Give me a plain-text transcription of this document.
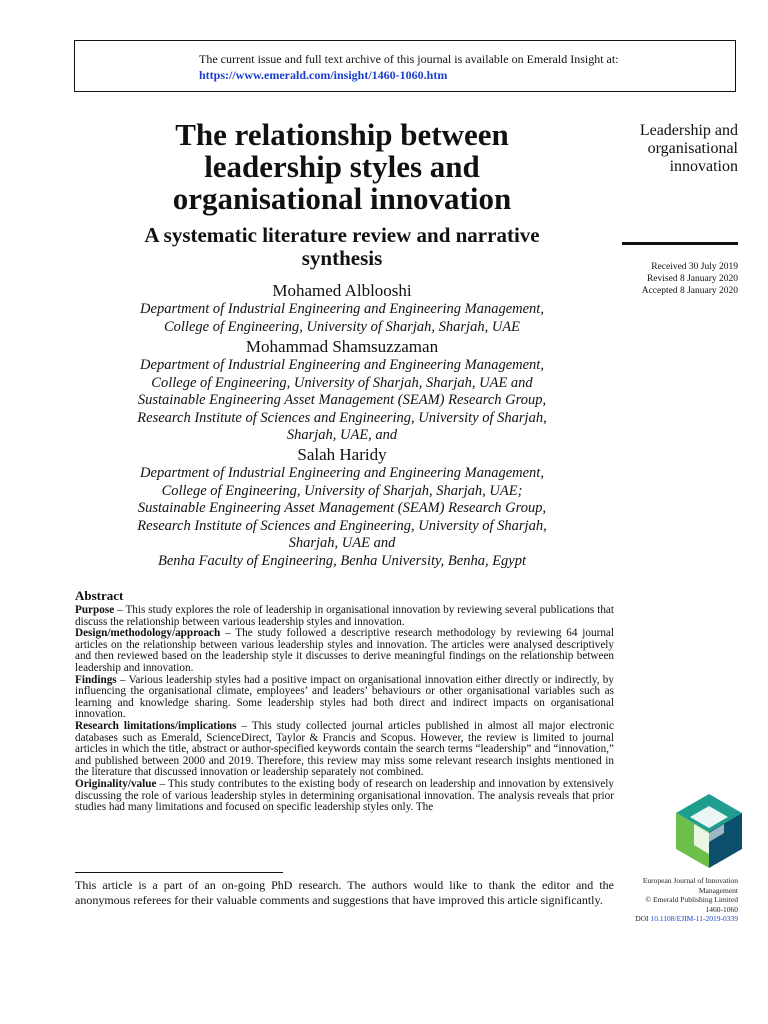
The current issue and full text archive of this journal is available on Emerald Insight at:
https://www.emerald.com/insight/1460-1060.htm
The relationship between
leadership styles and
organisational innovation
A systematic literature review and narrative
synthesis
Mohamed Alblooshi
Department of Industrial Engineering and Engineering Management,
College of Engineering, University of Sharjah, Sharjah, UAE
Mohammad Shamsuzzaman
Department of Industrial Engineering and Engineering Management,
College of Engineering, University of Sharjah, Sharjah, UAE and
Sustainable Engineering Asset Management (SEAM) Research Group,
Research Institute of Sciences and Engineering, University of Sharjah,
Sharjah, UAE, and
Salah Haridy
Department of Industrial Engineering and Engineering Management,
College of Engineering, University of Sharjah, Sharjah, UAE;
Sustainable Engineering Asset Management (SEAM) Research Group,
Research Institute of Sciences and Engineering, University of Sharjah,
Sharjah, UAE and
Benha Faculty of Engineering, Benha University, Benha, Egypt
Leadership and
organisational
innovation
Received 30 July 2019
Revised 8 January 2020
Accepted 8 January 2020
Abstract

Purpose – This study explores the role of leadership in organisational innovation by reviewing several publications that discuss the relationship between various leadership styles and innovation.

Design/methodology/approach – The study followed a descriptive research methodology by reviewing 64 journal articles on the relationship between various leadership styles and innovation. The articles were analysed descriptively and then reviewed based on the leadership style it discusses to derive meaningful findings on the relationship between leadership and innovation.

Findings – Various leadership styles had a positive impact on organisational innovation either directly or indirectly, by influencing the organisational climate, employees’ and leaders’ behaviours or other organisational variables such as learning and knowledge sharing. Some leadership styles had both direct and indirect impacts on organisational innovation.

Research limitations/implications – This study collected journal articles published in almost all major electronic databases such as Emerald, ScienceDirect, Taylor & Francis and Scopus. However, the review is limited to journal articles in which the title, abstract or author-specified keywords contain the search terms “leadership” and “innovation,” and published between 2000 and 2019. Therefore, this review may miss some relevant research insights mentioned in the literature that discussed innovation or leadership separately not combined.

Originality/value – This study contributes to the existing body of research on leadership and innovation by extensively discussing the role of various leadership styles in determining organisational innovation. The analysis reveals that prior studies had many limitations and focused on specific leadership styles only. The

This article is a part of an on-going PhD research. The authors would like to thank the editor and the anonymous referees for their valuable comments and suggestions that have improved this article significantly.
European Journal of Innovation
Management
© Emerald Publishing Limited
1460-1060
DOI 10.1108/EJIM-11-2019-0339
